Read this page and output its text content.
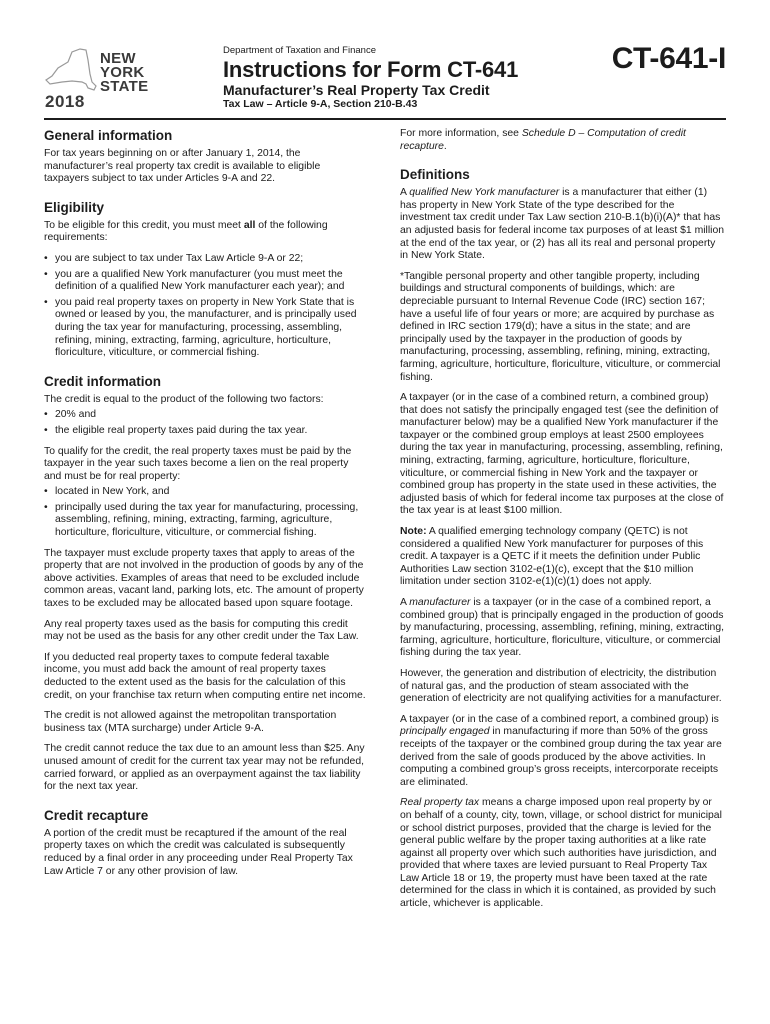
NEW
YORK
STATE
2018
Department of Taxation and Finance
Instructions for Form CT-641
Manufacturer’s Real Property Tax Credit
Tax Law – Article 9-A, Section 210-B.43
CT-641-I
General information

For tax years beginning on or after January 1, 2014, the manufacturer’s real property tax credit is available to eligible taxpayers subject to tax under Articles 9-A and 22.

Eligibility

To be eligible for this credit, you must meet all of the following requirements:

• you are subject to tax under Tax Law Article 9-A or 22;
• you are a qualified New York manufacturer (you must meet the definition of a qualified New York manufacturer each year); and
• you paid real property taxes on property in New York State that is owned or leased by you, the manufacturer, and is principally used during the tax year for manufacturing, processing, assembling, refining, mining, extracting, farming, agriculture, horticulture, floriculture, viticulture, or commercial fishing.
Credit information

The credit is equal to the product of the following two factors:

• 20% and
• the eligible real property taxes paid during the tax year.

To qualify for the credit, the real property taxes must be paid by the taxpayer in the year such taxes become a lien on the real property and must be for real property:

• located in New York, and
• principally used during the tax year for manufacturing, processing, assembling, refining, mining, extracting, farming, agriculture, horticulture, floriculture, viticulture, or commercial fishing.

The taxpayer must exclude property taxes that apply to areas of the property that are not involved in the production of goods by any of the above activities. Examples of areas that need to be excluded include common areas, vacant land, parking lots, etc. The amount of property taxes to be excluded may be allocated based upon square footage.

Any real property taxes used as the basis for computing this credit may not be used as the basis for any other credit under the Tax Law.

If you deducted real property taxes to compute federal taxable income, you must add back the amount of real property taxes deducted to the extent used as the basis for the calculation of this credit, on your franchise tax return when computing entire net income.

The credit is not allowed against the metropolitan transportation business tax (MTA surcharge) under Article 9-A.

The credit cannot reduce the tax due to an amount less than $25. Any unused amount of credit for the current tax year may not be refunded, carried forward, or applied as an overpayment against the tax liability for the next tax year.

Credit recapture

A portion of the credit must be recaptured if the amount of the real property taxes on which the credit was calculated is subsequently reduced by a final order in any proceeding under Real Property Tax Law Article 7 or any other provision of law.

For more information, see Schedule D – Computation of credit recapture.

Definitions

A qualified New York manufacturer is a manufacturer that either (1) has property in New York State of the type described for the investment tax credit under Tax Law section 210-B.1(b)(i)(A)* that has an adjusted basis for federal income tax purposes of at least $1 million at the end of the tax year, or (2) has all its real and personal property in New York State.

*Tangible personal property and other tangible property, including buildings and structural components of buildings, which: are depreciable pursuant to Internal Revenue Code (IRC) section 167; have a useful life of four years or more; are acquired by purchase as defined in IRC section 179(d); have a situs in the state; and are principally used by the taxpayer in the production of goods by manufacturing, processing, assembling, refining, mining, extracting, farming, agriculture, horticulture, floriculture, viticulture, or commercial fishing.

A taxpayer (or in the case of a combined return, a combined group) that does not satisfy the principally engaged test (see the definition of manufacturer below) may be a qualified New York manufacturer if the taxpayer or the combined group employs at least 2500 employees during the tax year in manufacturing, processing, assembling, refining, mining, extracting, farming, agriculture, horticulture, floriculture, viticulture, or commercial fishing in New York and the taxpayer or combined group has property in the state used in these activities, the adjusted basis of which for federal income tax purposes at the close of the tax year is at least $100 million.

Note: A qualified emerging technology company (QETC) is not considered a qualified New York manufacturer for purposes of this credit. A taxpayer is a QETC if it meets the definition under Public Authorities Law section 3102-e(1)(c), except that the $10 million limitation under section 3102-e(1)(c)(1) does not apply.

A manufacturer is a taxpayer (or in the case of a combined report, a combined group) that is principally engaged in the production of goods by manufacturing, processing, assembling, refining, mining, extracting, farming, agriculture, horticulture, floriculture, viticulture, or commercial fishing during the tax year.

However, the generation and distribution of electricity, the distribution of natural gas, and the production of steam associated with the generation of electricity are not qualifying activities for a manufacturer.

A taxpayer (or in the case of a combined report, a combined group) is principally engaged in manufacturing if more than 50% of the gross receipts of the taxpayer or the combined group during the tax year are derived from the sale of goods produced by the above activities. In computing a combined group’s gross receipts, intercorporate receipts are eliminated.

Real property tax means a charge imposed upon real property by or on behalf of a county, city, town, village, or school district for municipal or school district purposes, provided that the charge is levied for the general public welfare by the proper taxing authorities at a like rate against all property over which such authorities have jurisdiction, and provided that where taxes are levied pursuant to Real Property Tax Law Article 18 or 19, the property must have been taxed at the rate determined for the class in which it is contained, as provided by such article, whichever is applicable.
